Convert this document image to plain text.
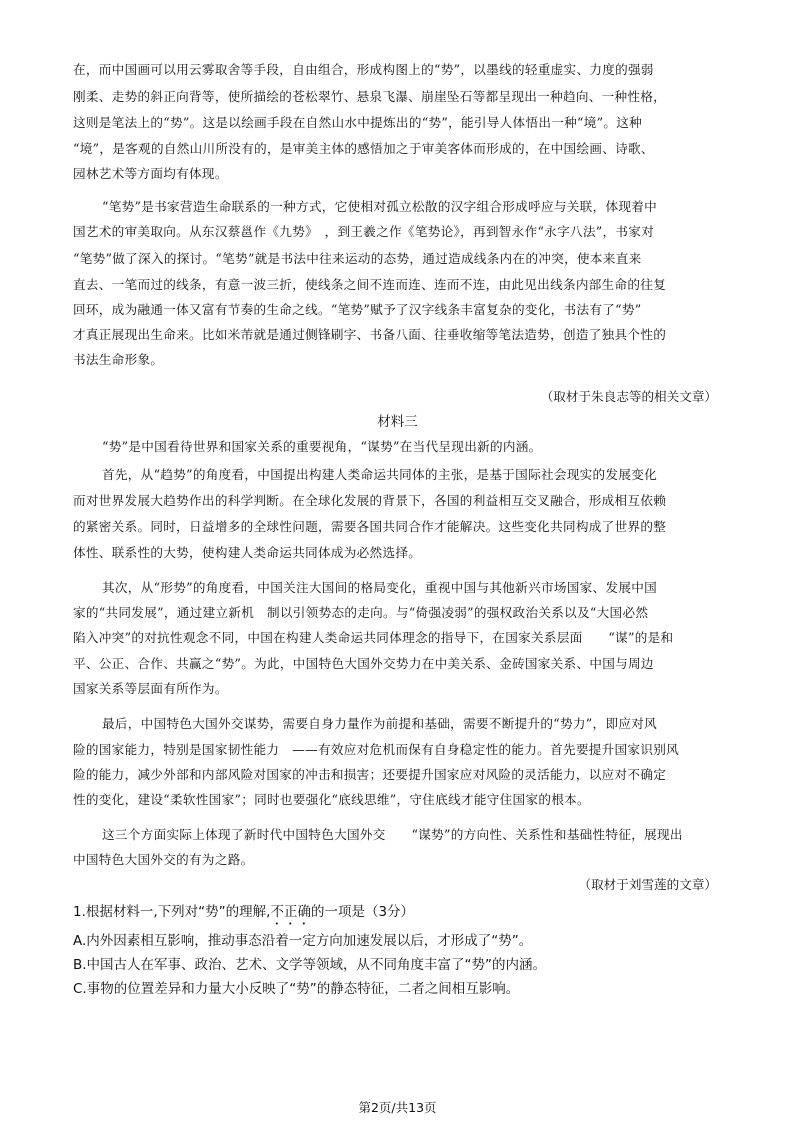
在，而中国画可以用云雾取舍等手段，自由组合，形成构图上的“势”，以墨线的轻重虚实、力度的强弱
刚柔、走势的斜正向背等，使所描绘的苍松翠竹、悬泉飞瀑、崩崖坠石等都呈现出一种趋向、一种性格，
这则是笔法上的“势”。这是以绘画手段在自然山水中提炼出的“势”，能引导人体悟出一种“境”。这种
“境”，是客观的自然山川所没有的，是审美主体的感悟加之于审美客体而形成的，在中国绘画、诗歌、
园林艺术等方面均有体现。
“笔势”是书家营造生命联系的一种方式，它使相对孤立松散的汉字组合形成呼应与关联，体现着中
国艺术的审美取向。从东汉蔡邕作《九势》　，到王羲之作《笔势论》，再到智永作“永字八法”，书家对
“笔势”做了深入的探讨。“笔势”就是书法中往来运动的态势，通过造成线条内在的冲突，使本来直来
直去、一笔而过的线条，有意一波三折，使线条之间不连而连、连而不连，由此见出线条内部生命的往复
回环，成为融通一体又富有节奏的生命之线。“笔势”赋予了汉字线条丰富复杂的变化，书法有了“势”
才真正展现出生命来。比如米芾就是通过侧锋刷字、书备八面、往垂收缩等笔法造势，创造了独具个性的
书法生命形象。
（取材于朱良志等的相关文章）
材料三
“势”是中国看待世界和国家关系的重要视角，“谋势”在当代呈现出新的内涵。
首先，从“趋势”的角度看，中国提出构建人类命运共同体的主张，是基于国际社会现实的发展变化
而对世界发展大趋势作出的科学判断。在全球化发展的背景下，各国的利益相互交叉融合，形成相互依赖
的紧密关系。同时，日益增多的全球性问题，需要各国共同合作才能解决。这些变化共同构成了世界的整
体性、联系性的大势，使构建人类命运共同体成为必然选择。
其次，从“形势”的角度看，中国关注大国间的格局变化，重视中国与其他新兴市场国家、发展中国
家的“共同发展”，通过建立新机　制以引领势态的走向。与“倚强凌弱”的强权政治关系以及“大国必然
陷入冲突”的对抗性观念不同，中国在构建人类命运共同体理念的指导下，在国家关系层面　　“谋”的是和
平、公正、合作、共赢之“势”。为此，中国特色大国外交势力在中美关系、金砖国家关系、中国与周边
国家关系等层面有所作为。
最后，中国特色大国外交谋势，需要自身力量作为前提和基础，需要不断提升的“势力”，即应对风
险的国家能力，特别是国家韧性能力　——有效应对危机而保有自身稳定性的能力。首先要提升国家识别风
险的能力，减少外部和内部风险对国家的冲击和损害；还要提升国家应对风险的灵活能力，以应对不确定
性的变化，建设“柔软性国家”；同时也要强化“底线思维”，守住底线才能守住国家的根本。
这三个方面实际上体现了新时代中国特色大国外交　　“谋势”的方向性、关系性和基础性特征，展现出
中国特色大国外交的有为之路。
（取材于刘雪莲的文章）
1.根据材料一,下列对“势”的理解,不正确的一项是（3分）
A.内外因素相互影响，推动事态沿着一定方向加速发展以后，才形成了“势”。
B.中国古人在军事、政治、艺术、文学等领域，从不同角度丰富了“势”的内涵。
C.事物的位置差异和力量大小反映了“势”的静态特征，二者之间相互影响。
第2页/共13页
